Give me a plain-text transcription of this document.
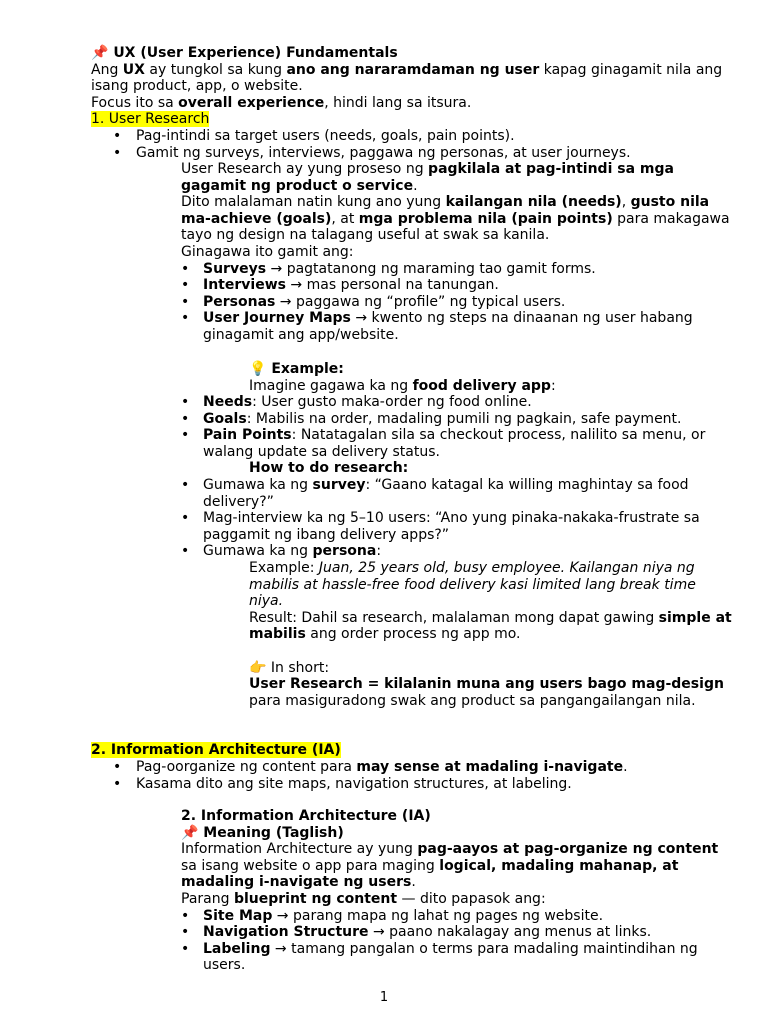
📌 UX (User Experience) Fundamentals

Ang UX ay tungkol sa kung ano ang nararamdaman ng user kapag ginagamit nila ang isang product, app, o website.

Focus ito sa overall experience, hindi lang sa itsura.

1. User Research

• Pag-intindi sa target users (needs, goals, pain points).
• Gamit ng surveys, interviews, paggawa ng personas, at user journeys.

User Research ay yung proseso ng pagkilala at pag-intindi sa mga gagamit ng product o service.

Dito malalaman natin kung ano yung kailangan nila (needs), gusto nila ma-achieve (goals), at mga problema nila (pain points) para makagawa tayo ng design na talagang useful at swak sa kanila.

Ginagawa ito gamit ang:

• Surveys → pagtatanong ng maraming tao gamit forms.
• Interviews → mas personal na tanungan.
• Personas → paggawa ng “profile” ng typical users.
• User Journey Maps → kwento ng steps na dinaanan ng user habang ginagamit ang app/website.

💡 Example:

Imagine gagawa ka ng food delivery app:

• Needs: User gusto maka-order ng food online.
• Goals: Mabilis na order, madaling pumili ng pagkain, safe payment.
• Pain Points: Natatagalan sila sa checkout process, nalilito sa menu, or walang update sa delivery status.

How to do research:

• Gumawa ka ng survey: “Gaano katagal ka willing maghintay sa food delivery?”
• Mag-interview ka ng 5–10 users: “Ano yung pinaka-nakaka-frustrate sa paggamit ng ibang delivery apps?”
• Gumawa ka ng persona:

Example: Juan, 25 years old, busy employee. Kailangan niya ng mabilis at hassle-free food delivery kasi limited lang break time niya.

Result: Dahil sa research, malalaman mong dapat gawing simple at mabilis ang order process ng app mo.

👉 In short:

User Research = kilalanin muna ang users bago mag-design

para masiguradong swak ang product sa pangangailangan nila.

2. Information Architecture (IA)

• Pag-oorganize ng content para may sense at madaling i-navigate.
• Kasama dito ang site maps, navigation structures, at labeling.

2. Information Architecture (IA)

📌 Meaning (Taglish)

Information Architecture ay yung pag-aayos at pag-organize ng content sa isang website o app para maging logical, madaling mahanap, at madaling i-navigate ng users.

Parang blueprint ng content — dito papasok ang:

• Site Map → parang mapa ng lahat ng pages ng website.
• Navigation Structure → paano nakalagay ang menus at links.
• Labeling → tamang pangalan o terms para madaling maintindihan ng users.
1
